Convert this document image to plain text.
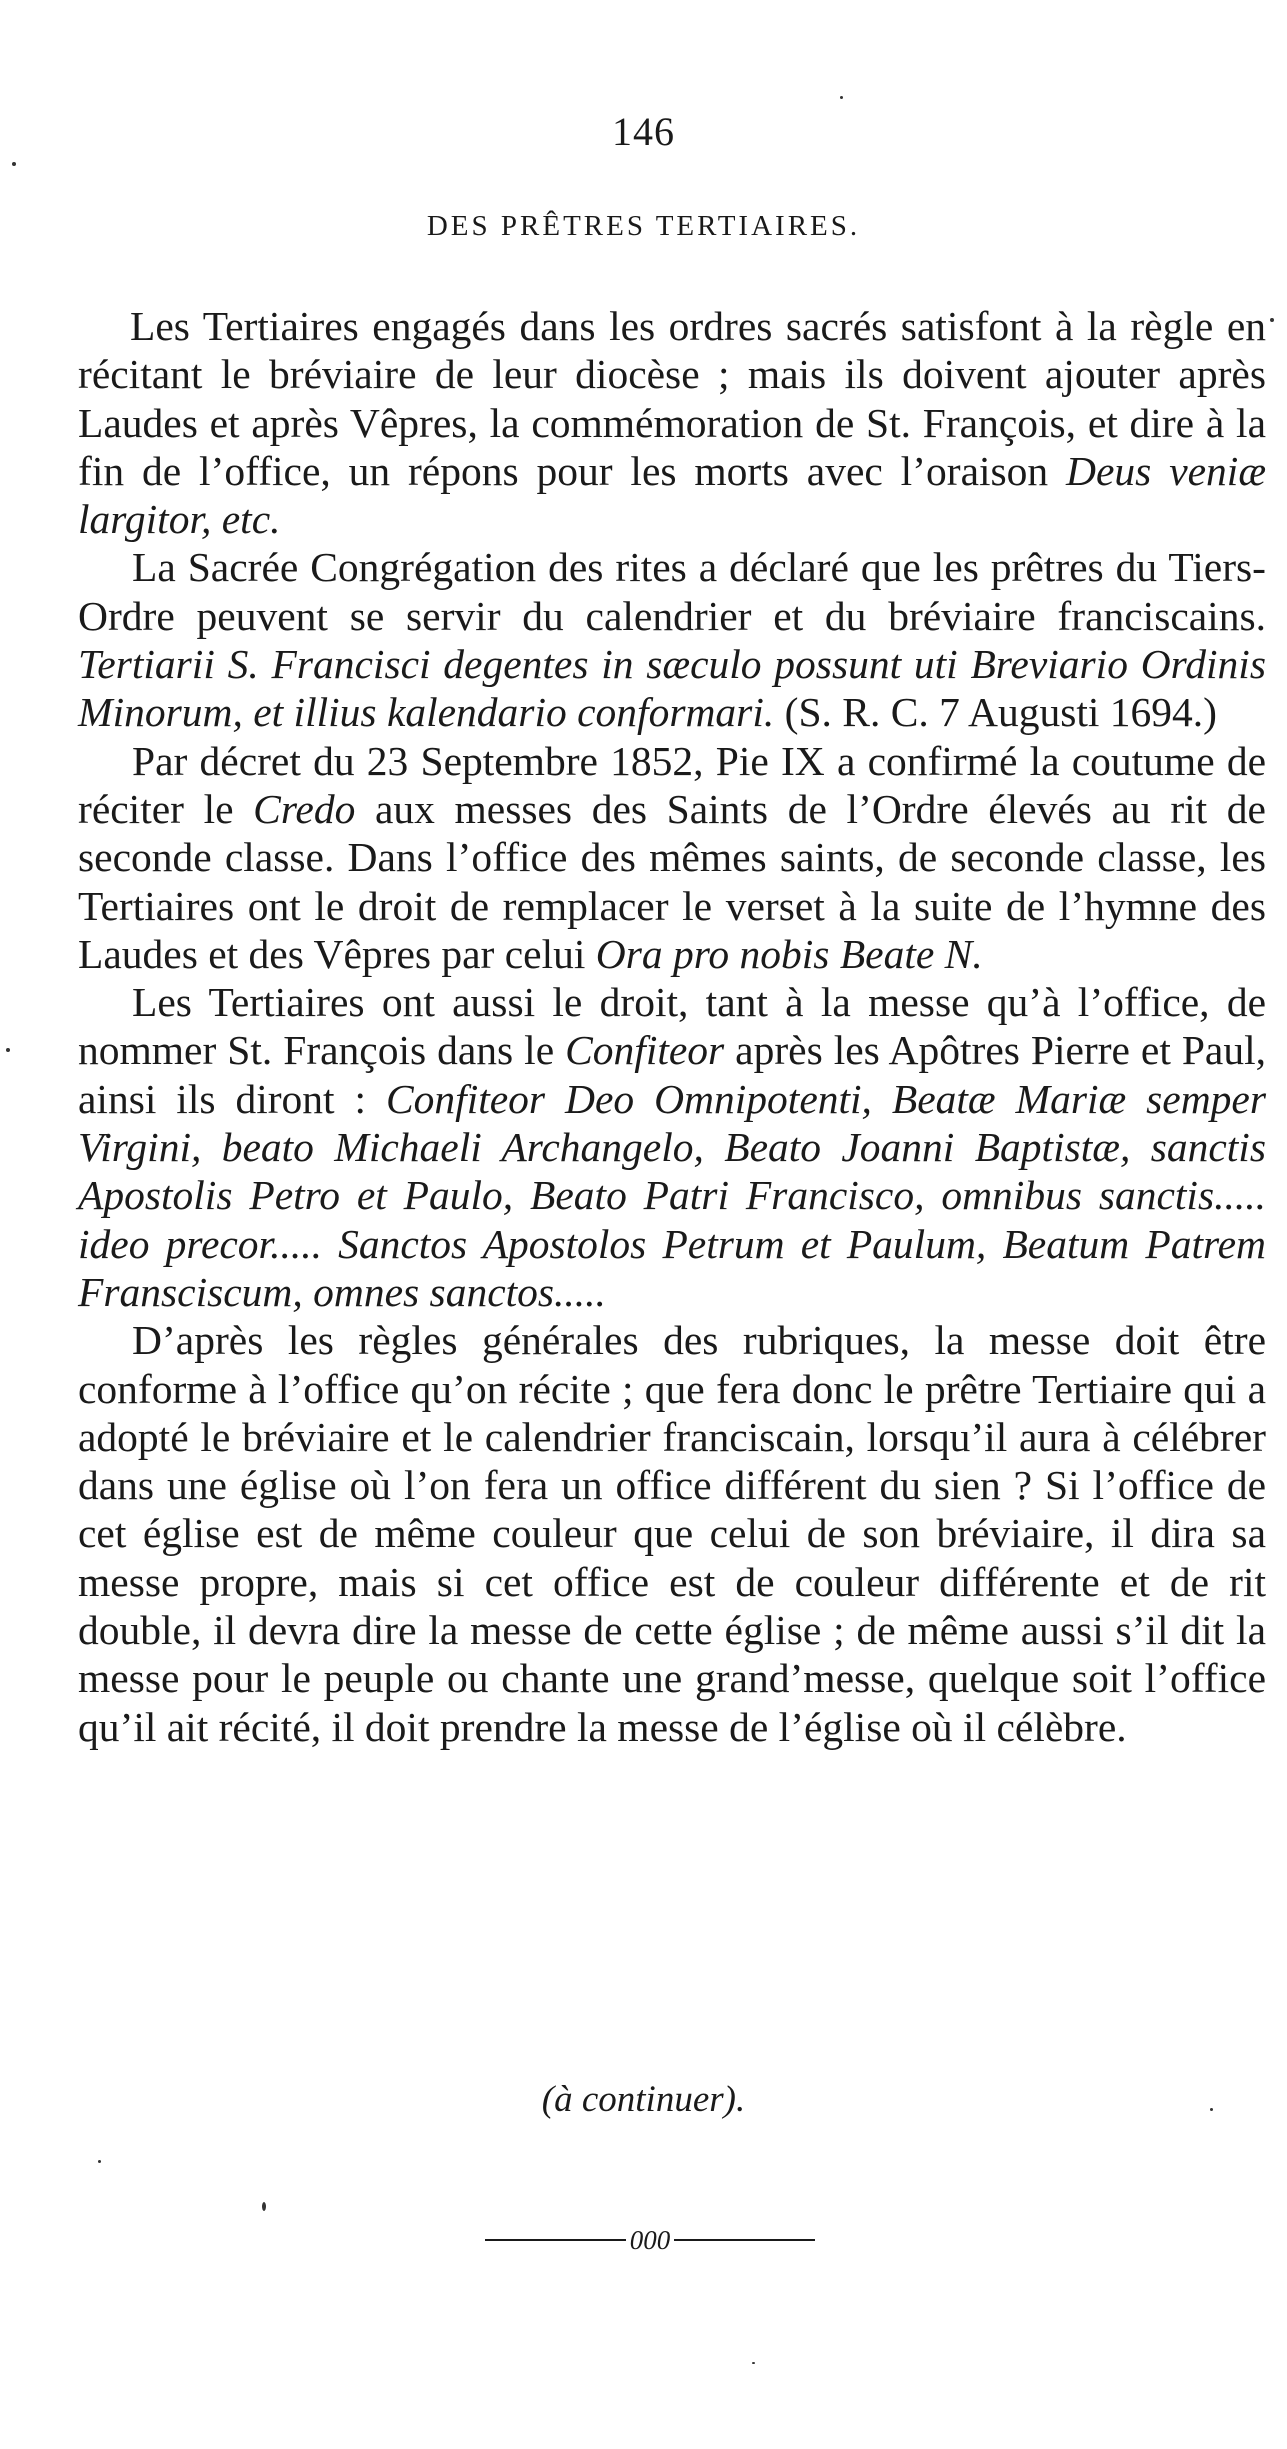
146
DES PRÊTRES TERTIAIRES.

Les Tertiaires engagés dans les ordres sacrés satisfont à la règle en récitant le bréviaire de leur diocèse ; mais ils doivent ajouter après Laudes et après Vêpres, la commémoration de St. François, et dire à la fin de l’office, un répons pour les morts avec l’oraison Deus veniæ largitor, etc.

La Sacrée Congrégation des rites a déclaré que les prêtres du Tiers-Ordre peuvent se servir du calendrier et du bréviaire franciscains. Tertiarii S. Francisci degentes in sæculo possunt uti Breviario Ordinis Minorum, et illius kalendario conformari. (S. R. C. 7 Augusti 1694.)

Par décret du 23 Septembre 1852, Pie IX a confirmé la coutume de réciter le Credo aux messes des Saints de l’Ordre élevés au rit de seconde classe. Dans l’office des mêmes saints, de seconde classe, les Tertiaires ont le droit de remplacer le verset à la suite de l’hymne des Laudes et des Vêpres par celui Ora pro nobis Beate N.

Les Tertiaires ont aussi le droit, tant à la messe qu’à l’office, de nommer St. François dans le Confiteor après les Apôtres Pierre et Paul, ainsi ils diront : Confiteor Deo Omnipotenti, Beatæ Mariæ semper Virgini, beato Michaeli Archangelo, Beato Joanni Baptistæ, sanctis Apostolis Petro et Paulo, Beato Patri Francisco, omnibus sanctis..... ideo precor..... Sanctos Apostolos Petrum et Paulum, Beatum Patrem Fransciscum, omnes sanctos.....

D’après les règles générales des rubriques, la messe doit être conforme à l’office qu’on récite ; que fera donc le prêtre Tertiaire qui a adopté le bréviaire et le calendrier franciscain, lorsqu’il aura à célébrer dans une église où l’on fera un office différent du sien ? Si l’office de cet église est de même couleur que celui de son bréviaire, il dira sa messe propre, mais si cet office est de couleur différente et de rit double, il devra dire la messe de cette église ; de même aussi s’il dit la messe pour le peuple ou chante une grand’messe, quelque soit l’office qu’il ait récité, il doit prendre la messe de l’église où il célèbre.

(à continuer).
000
